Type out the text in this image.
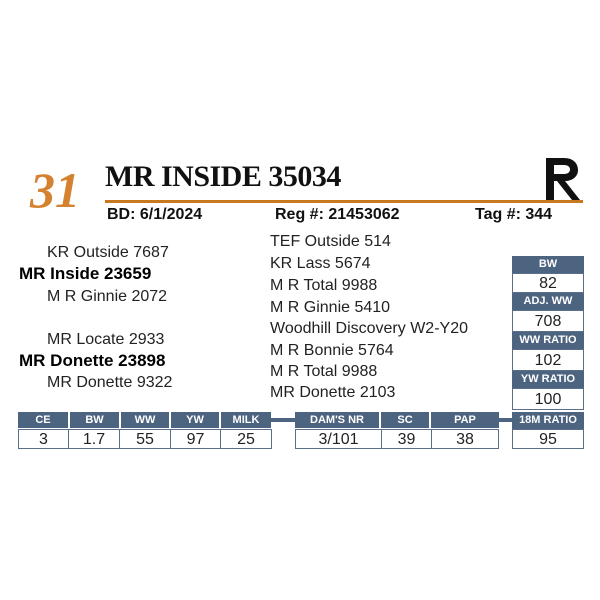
31 MR INSIDE 35034
BD: 6/1/2024	Reg #: 21453062	Tag #: 344
KR Outside 7687
MR Inside 23659
M R Ginnie 2072
MR Locate 2933
MR Donette 23898
MR Donette 9322
TEF Outside 514
KR Lass 5674
M R Total 9988
M R Ginnie 5410
Woodhill Discovery W2-Y20
M R Bonnie 5764
M R Total 9988
MR Donette 2103
CE	BW	WW	YW	MILK
3	1.7	55	97	25
DAM'S NR	SC	PAP
3/101	39	38
BW
82
ADJ. WW
708
WW RATIO
102
YW RATIO
100
18M RATIO
95
